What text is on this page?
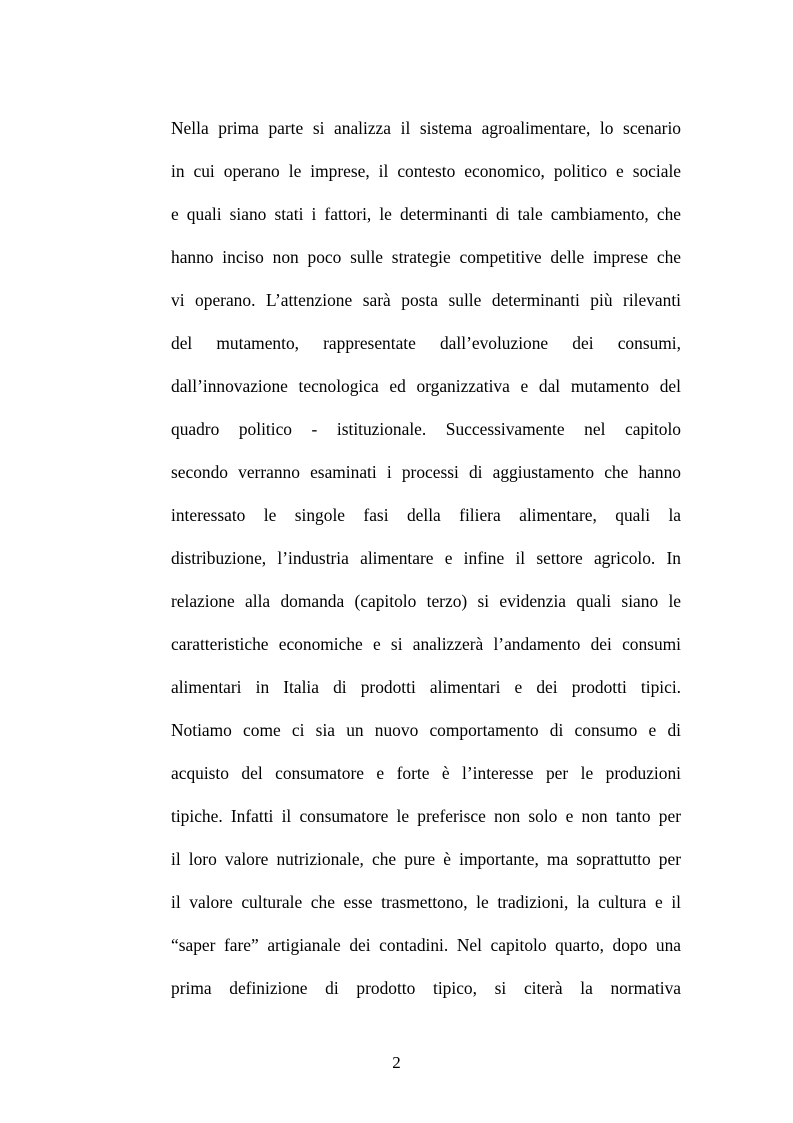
Nella prima parte si analizza il sistema agroalimentare, lo scenario
in cui operano le imprese, il contesto economico, politico e sociale
e quali siano stati i fattori, le determinanti di tale cambiamento, che
hanno inciso non poco sulle strategie competitive delle imprese che
vi operano. L’attenzione sarà posta sulle determinanti più rilevanti
del mutamento, rappresentate dall’evoluzione dei consumi,
dall’innovazione tecnologica ed organizzativa e dal mutamento del
quadro politico - istituzionale. Successivamente nel capitolo
secondo verranno esaminati i processi di aggiustamento che hanno
interessato le singole fasi della filiera alimentare, quali la
distribuzione, l’industria alimentare e infine il settore agricolo. In
relazione alla domanda (capitolo terzo) si evidenzia quali siano le
caratteristiche economiche e si analizzerà l’andamento dei consumi
alimentari in Italia di prodotti alimentari e dei prodotti tipici.
Notiamo come ci sia un nuovo comportamento di consumo e di
acquisto del consumatore e forte è l’interesse per le produzioni
tipiche. Infatti il consumatore le preferisce non solo e non tanto per
il loro valore nutrizionale, che pure è importante, ma soprattutto per
il valore culturale che esse trasmettono, le tradizioni, la cultura e il
“saper fare” artigianale dei contadini. Nel capitolo quarto, dopo una
prima definizione di prodotto tipico, si citerà la normativa
2
